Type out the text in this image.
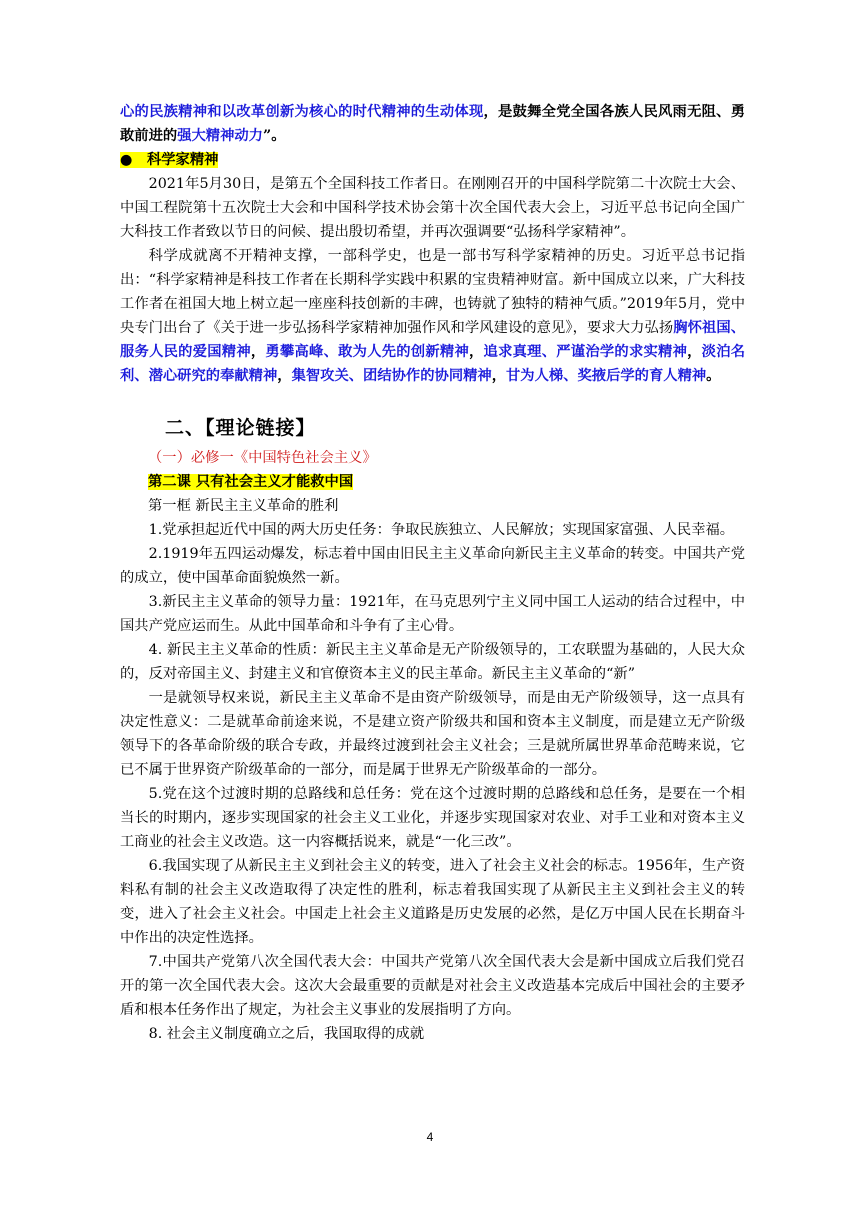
心的民族精神和以改革创新为核心的时代精神的生动体现，是鼓舞全党全国各族人民风雨无阻、勇敢前进的强大精神动力”。

● 科学家精神

2021年5月30日，是第五个全国科技工作者日。在刚刚召开的中国科学院第二十次院士大会、中国工程院第十五次院士大会和中国科学技术协会第十次全国代表大会上，习近平总书记向全国广大科技工作者致以节日的问候、提出殷切希望，并再次强调要“弘扬科学家精神”。

科学成就离不开精神支撑，一部科学史，也是一部书写科学家精神的历史。习近平总书记指出：“科学家精神是科技工作者在长期科学实践中积累的宝贵精神财富。新中国成立以来，广大科技工作者在祖国大地上树立起一座座科技创新的丰碑，也铸就了独特的精神气质。”2019年5月，党中央专门出台了《关于进一步弘扬科学家精神加强作风和学风建设的意见》，要求大力弘扬胸怀祖国、服务人民的爱国精神，勇攀高峰、敢为人先的创新精神，追求真理、严谨治学的求实精神，淡泊名利、潜心研究的奉献精神，集智攻关、团结协作的协同精神，甘为人梯、奖掖后学的育人精神。

二、【理论链接】
（一）必修一《中国特色社会主义》
第二课 只有社会主义才能救中国
第一框 新民主主义革命的胜利

1.党承担起近代中国的两大历史任务：争取民族独立、人民解放；实现国家富强、人民幸福。

2.1919年五四运动爆发，标志着中国由旧民主主义革命向新民主主义革命的转变。中国共产党的成立，使中国革命面貌焕然一新。

3.新民主主义革命的领导力量：1921年，在马克思列宁主义同中国工人运动的结合过程中，中国共产党应运而生。从此中国革命和斗争有了主心骨。

4. 新民主主义革命的性质：新民主主义革命是无产阶级领导的，工农联盟为基础的，人民大众的，反对帝国主义、封建主义和官僚资本主义的民主革命。新民主主义革命的“新”

一是就领导权来说，新民主主义革命不是由资产阶级领导，而是由无产阶级领导，这一点具有决定性意义：二是就革命前途来说，不是建立资产阶级共和国和资本主义制度，而是建立无产阶级领导下的各革命阶级的联合专政，并最终过渡到社会主义社会；三是就所属世界革命范畴来说，它已不属于世界资产阶级革命的一部分，而是属于世界无产阶级革命的一部分。

5.党在这个过渡时期的总路线和总任务：党在这个过渡时期的总路线和总任务，是要在一个相当长的时期内，逐步实现国家的社会主义工业化，并逐步实现国家对农业、对手工业和对资本主义工商业的社会主义改造。这一内容概括说来，就是“一化三改”。

6.我国实现了从新民主主义到社会主义的转变，进入了社会主义社会的标志。1956年，生产资料私有制的社会主义改造取得了决定性的胜利，标志着我国实现了从新民主主义到社会主义的转变，进入了社会主义社会。中国走上社会主义道路是历史发展的必然，是亿万中国人民在长期奋斗中作出的决定性选择。

7.中国共产党第八次全国代表大会：中国共产党第八次全国代表大会是新中国成立后我们党召开的第一次全国代表大会。这次大会最重要的贡献是对社会主义改造基本完成后中国社会的主要矛盾和根本任务作出了规定，为社会主义事业的发展指明了方向。

8. 社会主义制度确立之后，我国取得的成就

4
